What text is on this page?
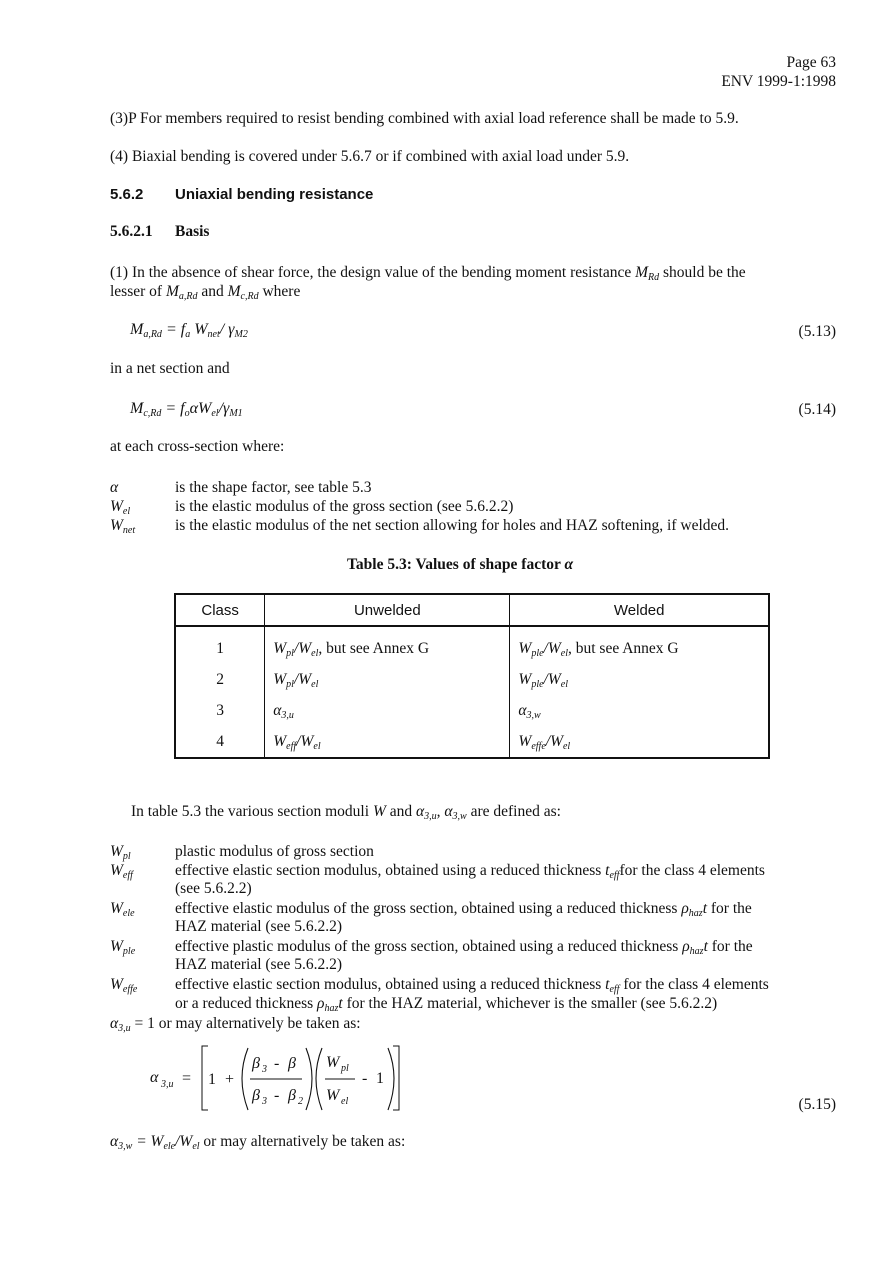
Page 63
ENV 1999-1:1998
(3)P For members required to resist bending combined with axial load reference shall be made to 5.9.
(4) Biaxial bending is covered under 5.6.7 or if combined with axial load under 5.9.
5.6.2 Uniaxial bending resistance
5.6.2.1 Basis
(1) In the absence of shear force, the design value of the bending moment resistance $M_{Rd}$ should be the
lesser of $M_{a,Rd}$ and $M_{c,Rd}$ where
$M_{a,Rd} = f_a$ $W_{net}/$ $\gamma_{M2}$	(5.13)
in a net section and
$M_{c,Rd} = f_o\alpha W_{el}/\gamma_{M1}$	(5.14)
at each cross-section where:
α	is the shape factor, see table 5.3
$W_{el}$	is the elastic modulus of the gross section (see 5.6.2.2)
$W_{net}$	is the elastic modulus of the net section allowing for holes and HAZ softening, if welded.
Table 5.3: Values of shape factor α
Class	Unwelded	Welded
1	$W_{pl}/W_{el}$, but see Annex G	$W_{ple}/W_{el}$, but see Annex G
2	$W_{pl}/W_{el}$	$W_{ple}/W_{el}$
3	$\alpha_{3,u}$	$\alpha_{3,w}$
4	$W_{eff}/W_{el}$	$W_{effe}/W_{el}$
In table 5.3 the various section moduli W and $\alpha_{3,u}$, $\alpha_{3,w}$ are defined as:
$W_{pl}$	plastic modulus of gross section
$W_{eff}$	effective elastic section modulus, obtained using a reduced thickness $t_{eff}for$ the class 4 elements
(see 5.6.2.2)
$W_{ele}$	effective elastic modulus of the gross section, obtained using a reduced thickness $\rho_{haz}t$ for the
HAZ material (see 5.6.2.2)
$W_{ple}$	effective plastic modulus of the gross section, obtained using a reduced thickness $\rho_{haz}t$ for the
HAZ material (see 5.6.2.2)
$W_{effe}$	effective elastic section modulus, obtained using a reduced thickness $t_{eff}$ for the class 4 elements
or a reduced thickness $\rho_{haz}t$ for the HAZ material, whichever is the smaller (see 5.6.2.2)
$\alpha_{3,u} = 1$ or may alternatively be taken as:
α 3,u = 1 +
β 3 - β
β 3 - β 2
W pl
W el
- 1
(5.15)
$\alpha_{3,w} = W_{ele}/W_{el}$ or may alternatively be taken as:
